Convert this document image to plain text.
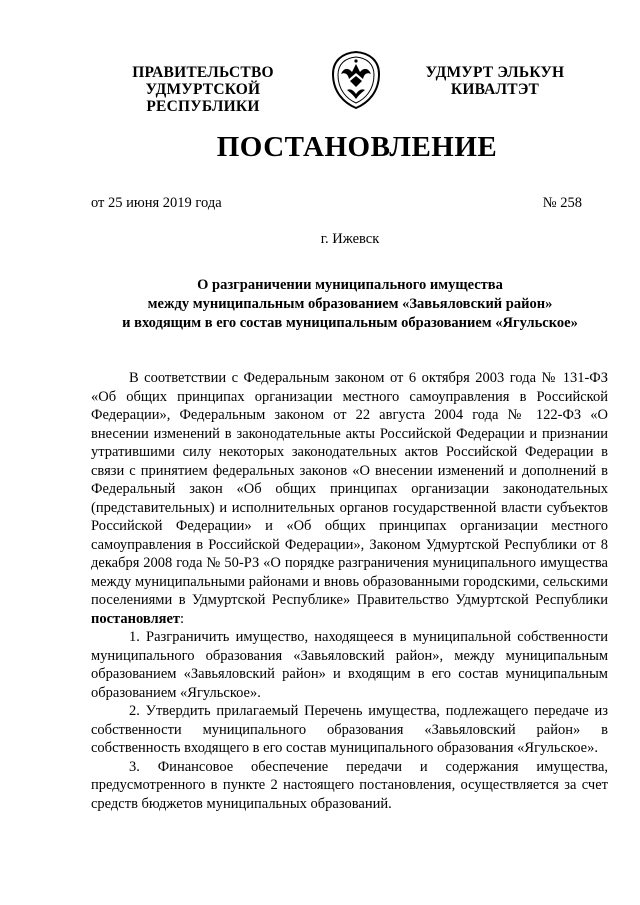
ПРАВИТЕЛЬСТВО
УДМУРТСКОЙ РЕСПУБЛИКИ
УДМУРТ ЭЛЬКУН
КИВАЛТЭТ
ПОСТАНОВЛЕНИЕ
от 25 июня 2019 года	№ 258
г. Ижевск
О разграничении муниципального имущества
между муниципальным образованием «Завьяловский район»
и входящим в его состав муниципальным образованием «Ягульское»

В соответствии с Федеральным законом от 6 октября 2003 года № 131-ФЗ «Об общих принципах организации местного самоуправления в Российской Федерации», Федеральным законом от 22 августа 2004 года № 122-ФЗ «О внесении изменений в законодательные акты Российской Федерации и признании утратившими силу некоторых законодательных актов Российской Федерации в связи с принятием федеральных законов «О внесении изменений и дополнений в Федеральный закон «Об общих принципах организации законодательных (представительных) и исполнительных органов государственной власти субъектов Российской Федерации» и «Об общих принципах организации местного самоуправления в Российской Федерации», Законом Удмуртской Республики от 8 декабря 2008 года № 50-РЗ «О порядке разграничения муниципального имущества между муниципальными районами и вновь образованными городскими, сельскими поселениями в Удмуртской Республике» Правительство Удмуртской Республики постановляет:

1. Разграничить имущество, находящееся в муниципальной собственности муниципального образования «Завьяловский район», между муниципальным образованием «Завьяловский район» и входящим в его состав муниципальным образованием «Ягульское».

2. Утвердить прилагаемый Перечень имущества, подлежащего передаче из собственности муниципального образования «Завьяловский район» в собственность входящего в его состав муниципального образования «Ягульское».

3. Финансовое обеспечение передачи и содержания имущества, предусмотренного в пункте 2 настоящего постановления, осуществляется за счет средств бюджетов муниципальных образований.
